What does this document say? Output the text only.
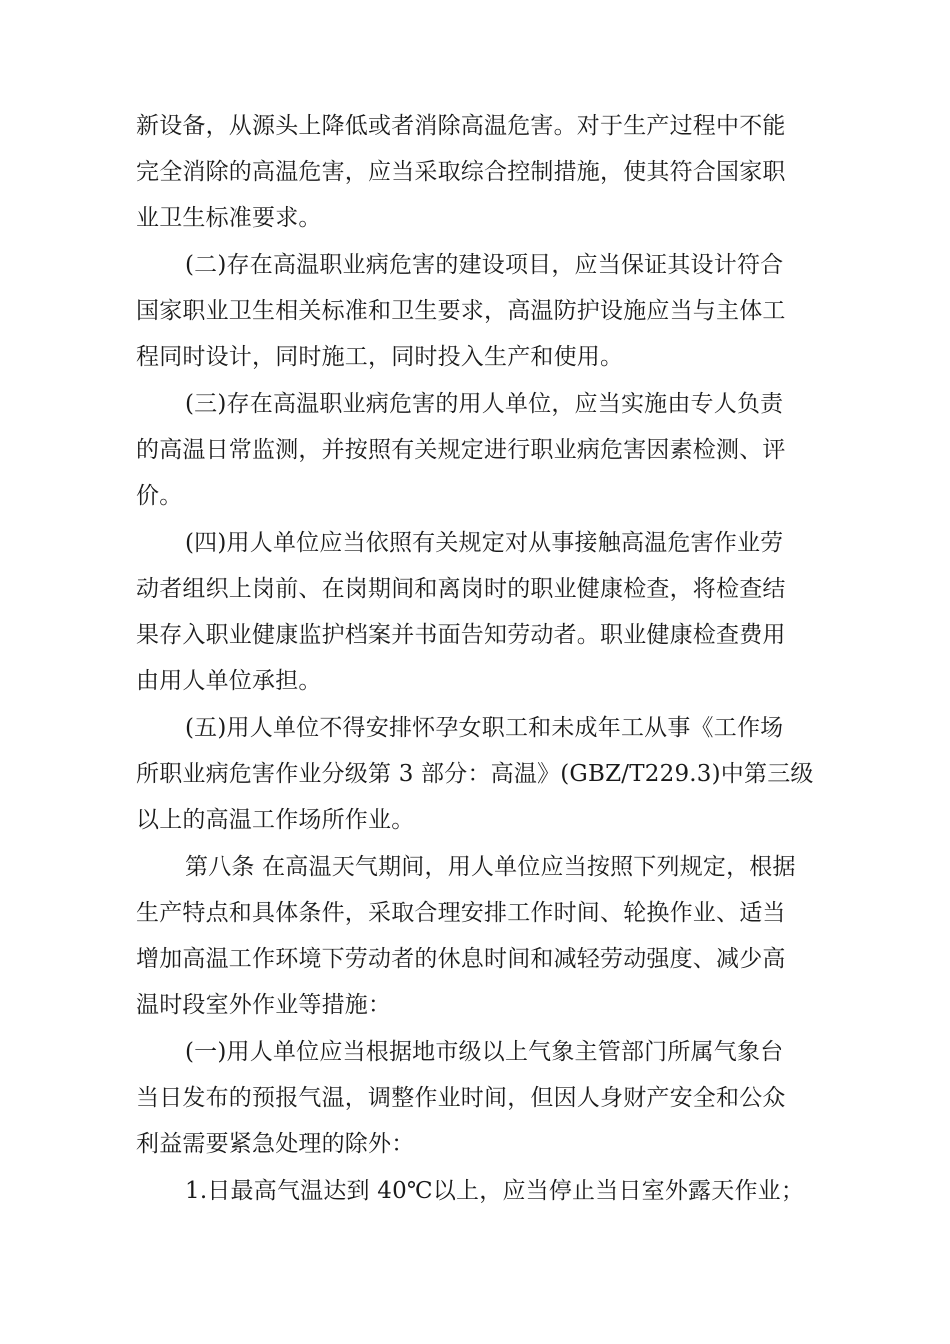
新设备，从源头上降低或者消除高温危害。对于生产过程中不能
完全消除的高温危害，应当采取综合控制措施，使其符合国家职
业卫生标准要求。
(二)存在高温职业病危害的建设项目，应当保证其设计符合
国家职业卫生相关标准和卫生要求，高温防护设施应当与主体工
程同时设计，同时施工，同时投入生产和使用。
(三)存在高温职业病危害的用人单位，应当实施由专人负责
的高温日常监测，并按照有关规定进行职业病危害因素检测、评
价。
(四)用人单位应当依照有关规定对从事接触高温危害作业劳
动者组织上岗前、在岗期间和离岗时的职业健康检查，将检查结
果存入职业健康监护档案并书面告知劳动者。职业健康检查费用
由用人单位承担。
(五)用人单位不得安排怀孕女职工和未成年工从事《工作场
所职业病危害作业分级第 3 部分：高温》(GBZ/T229.3)中第三级
以上的高温工作场所作业。
第八条 在高温天气期间，用人单位应当按照下列规定，根据
生产特点和具体条件，采取合理安排工作时间、轮换作业、适当
增加高温工作环境下劳动者的休息时间和减轻劳动强度、减少高
温时段室外作业等措施：
(一)用人单位应当根据地市级以上气象主管部门所属气象台
当日发布的预报气温，调整作业时间，但因人身财产安全和公众
利益需要紧急处理的除外：
1.日最高气温达到 40℃以上，应当停止当日室外露天作业；
